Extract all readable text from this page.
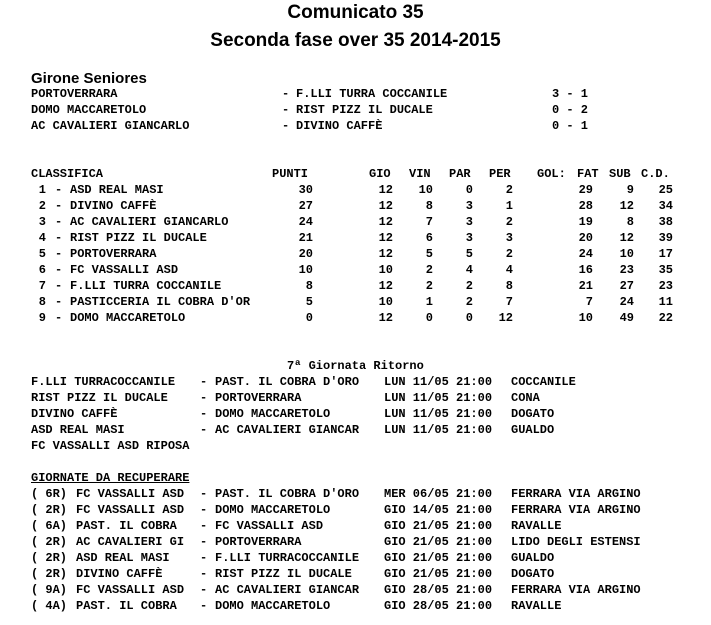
Comunicato 35
Seconda fase over 35 2014-2015
Girone Seniores
PORTOVERRARA	- F.LLI TURRA COCCANILE	3 - 1
DOMO MACCARETOLO	- RIST PIZZ IL DUCALE	0 - 2
AC CAVALIERI GIANCARLO	- DIVINO CAFFÈ	0 - 1
CLASSIFICA	PUNTI	GIO VIN PAR PER GOL: FAT SUB C.D.
1 - ASD REAL MASI	30	12	10	0	2	29	9	25
2 - DIVINO CAFFÈ	27	12	8	3	1	28	12	34
3 - AC CAVALIERI GIANCARLO	24	12	7	3	2	19	8	38
4 - RIST PIZZ IL DUCALE	21	12	6	3	3	20	12	39
5 - PORTOVERRARA	20	12	5	5	2	24	10	17
6 - FC VASSALLI ASD	10	10	2	4	4	16	23	35
7 - F.LLI TURRA COCCANILE	8	12	2	2	8	21	27	23
8 - PASTICCERIA IL COBRA D'OR	5	10	1	2	7	7	24	11
9 - DOMO MACCARETOLO	0	12	0	0	12	10	49	22
7ª Giornata Ritorno
F.LLI TURRACOCCANILE - PAST. IL COBRA D'ORO LUN 11/05 21:00 COCCANILE
RIST PIZZ IL DUCALE	- PORTOVERRARA	LUN 11/05 21:00 CONA
DIVINO CAFFÈ	- DOMO MACCARETOLO	LUN 11/05 21:00 DOGATO
ASD REAL MASI	- AC CAVALIERI GIANCAR LUN 11/05 21:00 GUALDO
FC VASSALLI ASD RIPOSA
GIORNATE DA RECUPERARE
( 6R) FC VASSALLI ASD - PAST. IL COBRA D'ORO MER 06/05 21:00 FERRARA VIA ARGINO
( 2R) FC VASSALLI ASD - DOMO MACCARETOLO	GIO 14/05 21:00 FERRARA VIA ARGINO
( 6A) PAST. IL COBRA - FC VASSALLI ASD	GIO 21/05 21:00 RAVALLE
( 2R) AC CAVALIERI GI - PORTOVERRARA	GIO 21/05 21:00 LIDO DEGLI ESTENSI
( 2R) ASD REAL MASI	- F.LLI TURRACOCCANILE GIO 21/05 21:00 GUALDO
( 2R) DIVINO CAFFÈ	- RIST PIZZ IL DUCALE	GIO 21/05 21:00 DOGATO
( 9A) FC VASSALLI ASD - AC CAVALIERI GIANCAR GIO 28/05 21:00 FERRARA VIA ARGINO
( 4A) PAST. IL COBRA - DOMO MACCARETOLO	GIO 28/05 21:00 RAVALLE
